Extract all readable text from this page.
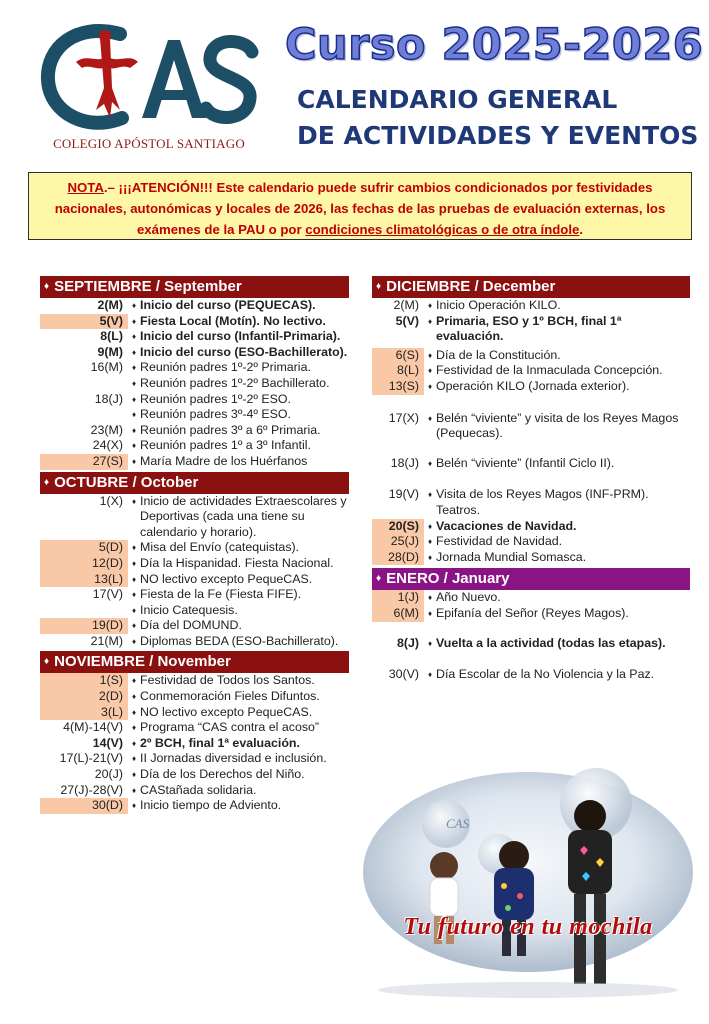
COLEGIO APÓSTOL SANTIAGO
Curso 2025-2026
CALENDARIO GENERAL
DE ACTIVIDADES Y EVENTOS
NOTA.– ¡¡¡ATENCIÓN!!! Este calendario puede sufrir cambios condicionados por festividades nacionales, autonómicas y locales de 2026, las fechas de las pruebas de evaluación externas, los exámenes de la PAU o por condiciones climatológicas o de otra índole.
♦ SEPTIEMBRE / September
2(M)	♦ Inicio del curso (PEQUECAS).
5(V)	♦ Fiesta Local (Motín). No lectivo.
8(L)	♦ Inicio del curso (Infantil-Primaria).
9(M)	♦ Inicio del curso (ESO-Bachillerato).
16(M)	♦ Reunión padres 1º-2º Primaria.
♦ Reunión padres 1º-2º Bachillerato.
18(J)	♦ Reunión padres 1º-2º ESO.
♦ Reunión padres 3º-4º ESO.
23(M)	♦ Reunión padres 3º a 6º Primaria.
24(X)	♦ Reunión padres 1º a 3º Infantil.
27(S)	♦ María Madre de los Huérfanos
♦ OCTUBRE / October
1(X)	♦ Inicio de actividades Extraescolares y Deportivas (cada una tiene su calendario y horario).
5(D)	♦ Misa del Envío (catequistas).
12(D)	♦ Día la Hispanidad. Fiesta Nacional.
13(L)	♦ NO lectivo excepto PequeCAS.
17(V)	♦ Fiesta de la Fe (Fiesta FIFE).
♦ Inicio Catequesis.
19(D)	♦ Día del DOMUND.
21(M)	♦ Diplomas BEDA (ESO-Bachillerato).
♦ NOVIEMBRE / November
1(S)	♦ Festividad de Todos los Santos.
2(D)	♦ Conmemoración Fieles Difuntos.
3(L)	♦ NO lectivo excepto PequeCAS.
4(M)-14(V)	♦ Programa “CAS contra el acoso”
14(V)	♦ 2º BCH, final 1ª evaluación.
17(L)-21(V)	♦ II Jornadas diversidad e inclusión.
20(J)	♦ Día de los Derechos del Niño.
27(J)-28(V)	♦ CAStañada solidaria.
30(D)	♦ Inicio tiempo de Adviento.
♦ DICIEMBRE / December
2(M)	♦ Inicio Operación KILO.
5(V)	♦ Primaria, ESO y 1º BCH, final 1ª evaluación.
6(S)	♦ Día de la Constitución.
8(L)	♦ Festividad de la Inmaculada Concepción.
13(S)	♦ Operación KILO (Jornada exterior).
17(X)	♦ Belén “viviente” y visita de los Reyes Magos (Pequecas).
18(J)	♦ Belén “viviente” (Infantil Ciclo II).
19(V)	♦ Visita de los Reyes Magos (INF-PRM). Teatros.
20(S)	♦ Vacaciones de Navidad.
25(J)	♦ Festividad de Navidad.
28(D)	♦ Jornada Mundial Somasca.
♦ ENERO / January
1(J)	♦ Año Nuevo.
6(M)	♦ Epifanía del Señor (Reyes Magos).
8(J)	♦ Vuelta a la actividad (todas las etapas).
30(V)	♦ Día Escolar de la No Violencia y la Paz.
CAS
Tu futuro en tu mochila
